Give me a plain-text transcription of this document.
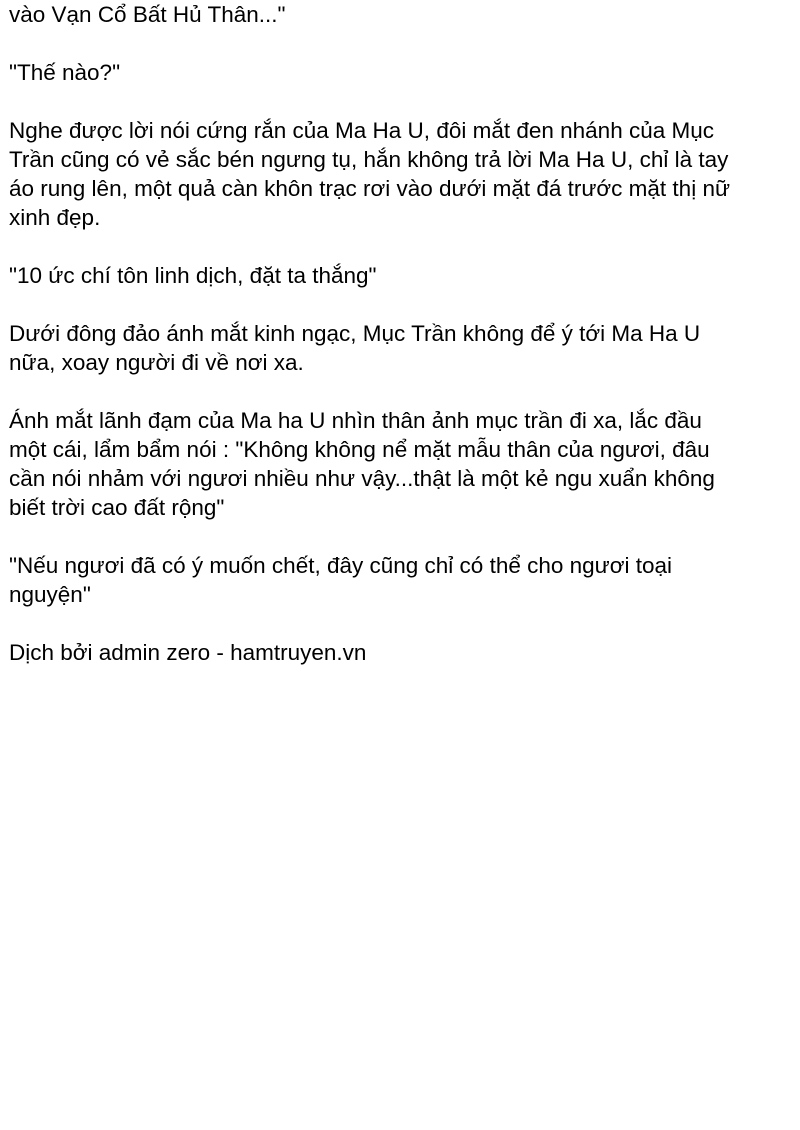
vào Vạn Cổ Bất Hủ Thân..."

"Thế nào?"

Nghe được lời nói cứng rắn của Ma Ha U, đôi mắt đen nhánh của Mục
Trần cũng có vẻ sắc bén ngưng tụ, hắn không trả lời Ma Ha U, chỉ là tay
áo rung lên, một quả càn khôn trạc rơi vào dưới mặt đá trước mặt thị nữ
xinh đẹp.

"10 ức chí tôn linh dịch, đặt ta thắng"

Dưới đông đảo ánh mắt kinh ngạc, Mục Trần không để ý tới Ma Ha U
nữa, xoay người đi về nơi xa.

Ánh mắt lãnh đạm của Ma ha U nhìn thân ảnh mục trần đi xa, lắc đầu
một cái, lẩm bẩm nói : "Không không nể mặt mẫu thân của ngươi, đâu
cần nói nhảm với ngươi nhiều như vậy...thật là một kẻ ngu xuẩn không
biết trời cao đất rộng"

"Nếu ngươi đã có ý muốn chết, đây cũng chỉ có thể cho ngươi toại
nguyện"

Dịch bởi admin zero - hamtruyen.vn
